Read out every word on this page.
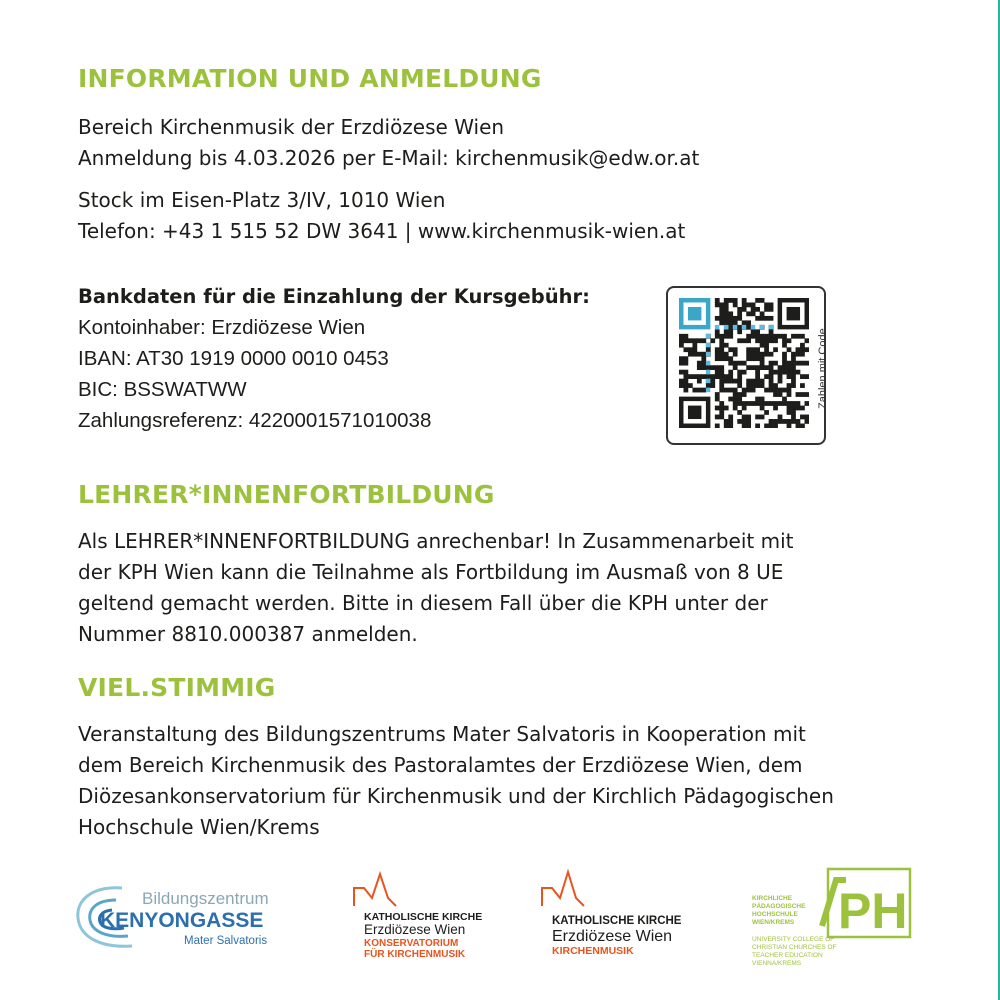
INFORMATION UND ANMELDUNG
Bereich Kirchenmusik der Erzdiözese Wien
Anmeldung bis 4.03.2026 per E-Mail: kirchenmusik@edw.or.at
Stock im Eisen-Platz 3/IV, 1010 Wien
Telefon: +43 1 515 52 DW 3641 | www.kirchenmusik-wien.at
Bankdaten für die Einzahlung der Kursgebühr:
Kontoinhaber: Erzdiözese Wien
IBAN: AT30 1919 0000 0010 0453
BIC: BSSWATWW
Zahlungsreferenz: 4220001571010038
Zahlen mit Code
LEHRER*INNENFORTBILDUNG
Als LEHRER*INNENFORTBILDUNG anrechenbar! In Zusammenarbeit mit
der KPH Wien kann die Teilnahme als Fortbildung im Ausmaß von 8 UE
geltend gemacht werden. Bitte in diesem Fall über die KPH unter der
Nummer 8810.000387 anmelden.
VIEL.STIMMIG
Veranstaltung des Bildungszentrums Mater Salvatoris in Kooperation mit
dem Bereich Kirchenmusik des Pastoralamtes der Erzdiözese Wien, dem
Diözesankonservatorium für Kirchenmusik und der Kirchlich Pädagogischen
Hochschule Wien/Krems
Bildungszentrum
KENYONGASSE
Mater Salvatoris
KATHOLISCHE KIRCHE
Erzdiözese Wien
KONSERVATORIUM
FÜR KIRCHENMUSIK
KATHOLISCHE KIRCHE
Erzdiözese Wien
KIRCHENMUSIK
PH
KIRCHLICHE
PÄDAGOGISCHE
HOCHSCHULE
WIEN/KREMS
UNIVERSITY COLLEGE OF
CHRISTIAN CHURCHES OF
TEACHER EDUCATION
VIENNA/KREMS
